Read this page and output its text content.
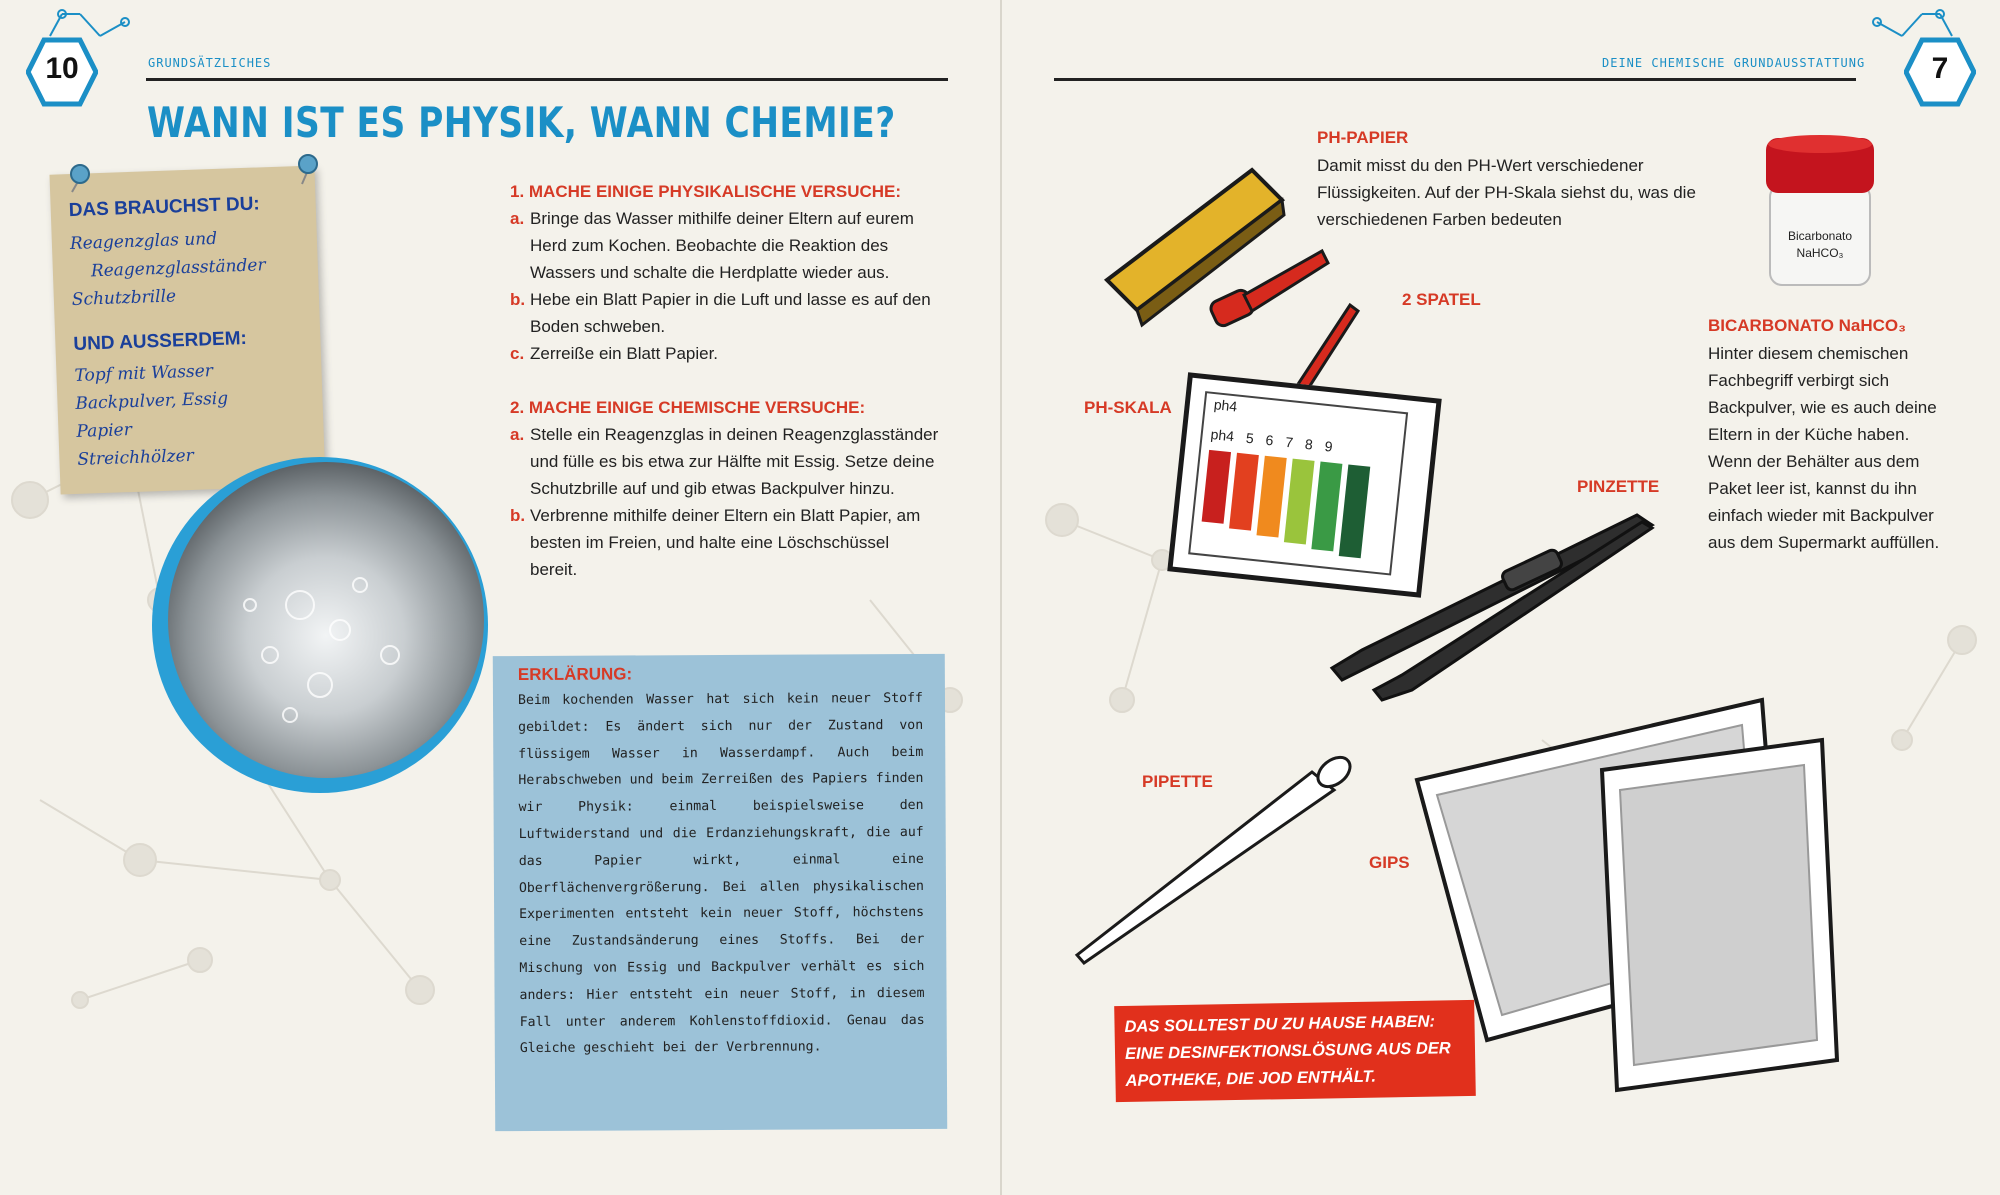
10	GRUNDSÄTZLICHES
WANN IST ES PHYSIK, WANN CHEMIE?
DAS BRAUCHST DU:
Reagenzglas und
Reagenzglasständer
Schutzbrille
UND AUSSERDEM:
Topf mit Wasser
Backpulver, Essig
Papier
Streichhölzer
1. MACHE EINIGE PHYSIKALISCHE VERSUCHE:
a. Bringe das Wasser mithilfe deiner Eltern auf eurem Herd zum Kochen. Beobachte die Reaktion des Wassers und schalte die Herdplatte wieder aus.
b. Hebe ein Blatt Papier in die Luft und lasse es auf den Boden schweben.
c. Zerreiße ein Blatt Papier.
2. MACHE EINIGE CHEMISCHE VERSUCHE:
a. Stelle ein Reagenzglas in deinen Reagenzglasständer und fülle es bis etwa zur Hälfte mit Essig. Setze deine Schutzbrille auf und gib etwas Backpulver hinzu.
b. Verbrenne mithilfe deiner Eltern ein Blatt Papier, am besten im Freien, und halte eine Löschschüssel bereit.
ERKLÄRUNG:
Beim kochenden Wasser hat sich kein neuer Stoff gebildet: Es ändert sich nur der Zustand von flüssigem Wasser in Wasserdampf. Auch beim Herabschweben und beim Zerreißen des Papiers finden wir Physik: einmal beispielsweise den Luftwiderstand und die Erdanziehungskraft, die auf das Papier wirkt, einmal eine Oberflächenvergrößerung. Bei allen physikalischen Experimenten entsteht kein neuer Stoff, höchstens eine Zustandsänderung eines Stoffs. Bei der Mischung von Essig und Backpulver verhält es sich anders: Hier entsteht ein neuer Stoff, in diesem Fall unter anderem Kohlenstoffdioxid. Genau das Gleiche geschieht bei der Verbrennung.
7
DEINE CHEMISCHE GRUNDAUSSTATTUNG
PH-PAPIER
Damit misst du den PH-Wert verschiedener Flüssigkeiten. Auf der PH-Skala siehst du, was die verschiedenen Farben bedeuten
Bicarbonato
NaHCO₃
2 SPATEL
PH-SKALA	ph4
ph4 5 6 7 8 9
BICARBONATO NaHCO₃
Hinter diesem chemischen Fachbegriff verbirgt sich Backpulver, wie es auch deine Eltern in der Küche haben. Wenn der Behälter aus dem Paket leer ist, kannst du ihn einfach wieder mit Backpulver aus dem Supermarkt auffüllen.
PINZETTE
PIPETTE
GIPS
DAS SOLLTEST DU ZU HAUSE HABEN:
EINE DESINFEKTIONSLÖSUNG AUS DER
APOTHEKE, DIE JOD ENTHÄLT.
